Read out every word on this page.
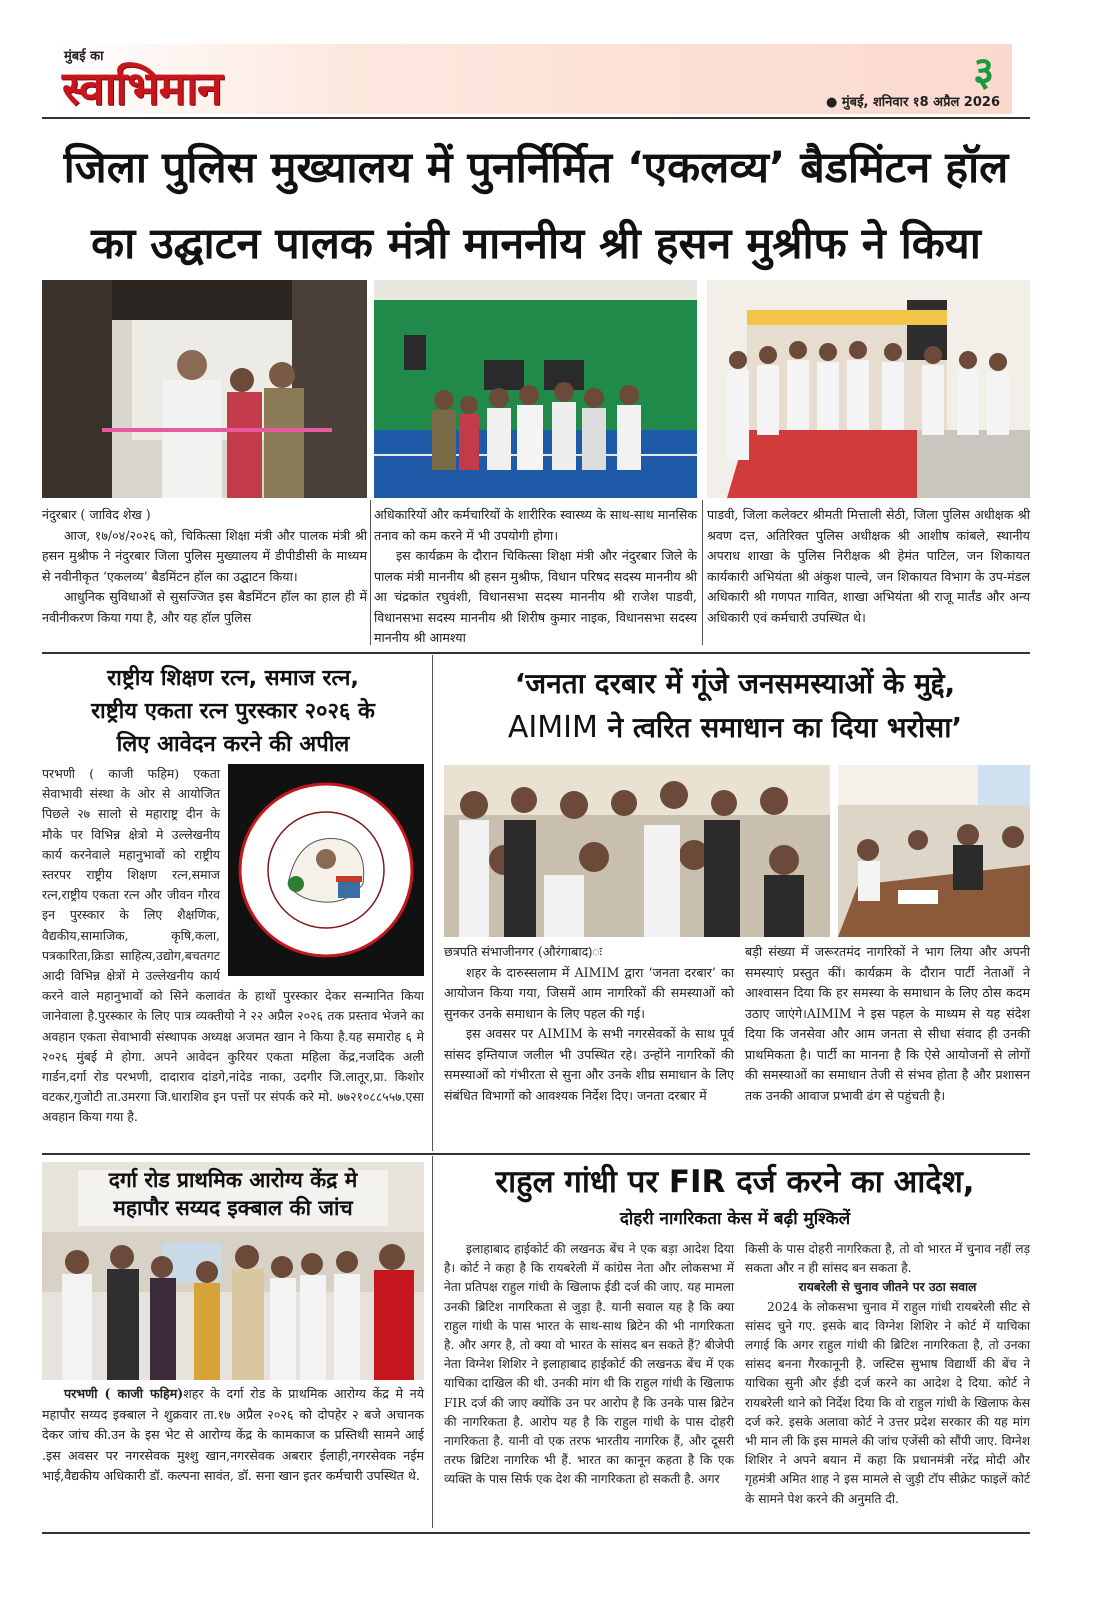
मुंबई का
स्वाभिमान	३
● मुंबई, शनिवार १8 अप्रैल 2026
जिला पुलिस मुख्यालय में पुनर्निर्मित ‘एकलव्य’ बैडमिंटन हॉल
का उद्घाटन पालक मंत्री माननीय श्री हसन मुश्रीफ ने किया

नंदुरबार ( जाविद शेख )

आज, १७/०४/२०२६ को, चिकित्सा शिक्षा मंत्री और पालक मंत्री श्री हसन मुश्रीफ ने नंदुरबार जिला पुलिस मुख्यालय में डीपीडीसी के माध्यम से नवीनीकृत ‘एकलव्य’ बैडमिंटन हॉल का उद्घाटन किया।

आधुनिक सुविधाओं से सुसज्जित इस बैडमिंटन हॉल का हाल ही में नवीनीकरण किया गया है, और यह हॉल पुलिस

अधिकारियों और कर्मचारियों के शारीरिक स्वास्थ्य के साथ-साथ मानसिक तनाव को कम करने में भी उपयोगी होगा।

इस कार्यक्रम के दौरान चिकित्सा शिक्षा मंत्री और नंदुरबार जिले के पालक मंत्री माननीय श्री हसन मुश्रीफ, विधान परिषद सदस्य माननीय श्री आ चंद्रकांत रघुवंशी, विधानसभा सदस्य माननीय श्री राजेश पाडवी, विधानसभा सदस्य माननीय श्री शिरीष कुमार नाइक, विधानसभा सदस्य माननीय श्री आमश्या

पाडवी, जिला कलेक्टर श्रीमती मित्ताली सेठी, जिला पुलिस अधीक्षक श्री श्रवण दत्त, अतिरिक्त पुलिस अधीक्षक श्री आशीष कांबले, स्थानीय अपराध शाखा के पुलिस निरीक्षक श्री हेमंत पाटिल, जन शिकायत कार्यकारी अभियंता श्री अंकुश पाल्वे, जन शिकायत विभाग के उप-मंडल अधिकारी श्री गणपत गावित, शाखा अभियंता श्री राजू मार्तंड और अन्य अधिकारी एवं कर्मचारी उपस्थित थे।

राष्ट्रीय शिक्षण रत्न, समाज रत्न,
राष्ट्रीय एकता रत्न पुरस्कार २०२६ के
लिए आवेदन करने की अपील
परभणी ( काजी फहिम) एकता सेवाभावी संस्था के ओर से आयोजित पिछले २७ सालो से महाराष्ट्र दीन के मौके पर विभिन्न क्षेत्रो मे उल्लेखनीय कार्य करनेवाले महानुभावों को राष्ट्रीय स्तरपर राष्ट्रीय शिक्षण रत्न,समाज रत्न,राष्ट्रीय एकता रत्न और जीवन गौरव इन पुरस्कार के लिए शैक्षणिक, वैद्यकीय,सामाजिक, कृषि,कला, पत्रकारिता,क्रिडा साहित्य,उद्योग,बचतगट आदी विभिन्न क्षेत्रों मे उल्लेखनीय कार्य करने वाले महानुभावों को सिने कलावंत के हाथों पुरस्कार देकर सन्मानित किया जानेवाला है.पुरस्कार के लिए पात्र व्यक्तीयो ने २२ अप्रैल २०२६ तक प्रस्ताव भेजने का अवहान एकता सेवाभावी संस्थापक अध्यक्ष अजमत खान ने किया है.यह समारोह ६ मे २०२६ मुंबई मे होगा. अपने आवेदन कुरियर एकता महिला केंद्र,नजदिक अली गार्डन,दर्गा रोड परभणी, दादाराव दांडगे,नांदेड नाका, उदगीर जि.लातूर,प्रा. किशोर वटकर,गुजोटी ता.उमरगा जि.धाराशिव इन पत्तों पर संपर्क करे मो. ७७२१०८८५५७.एसा अवहान किया गया है.
‘जनता दरबार में गूंजे जनसमस्याओं के मुद्दे,
AIMIM ने त्वरित समाधान का दिया भरोसा’

छत्रपति संभाजीनगर (औरंगाबाद)ः

शहर के दारुस्सलाम में AIMIM द्वारा ‘जनता दरबार’ का आयोजन किया गया, जिसमें आम नागरिकों की समस्याओं को सुनकर उनके समाधान के लिए पहल की गई।

इस अवसर पर AIMIM के सभी नगरसेवकों के साथ पूर्व सांसद इम्तियाज जलील भी उपस्थित रहे। उन्होंने नागरिकों की समस्याओं को गंभीरता से सुना और उनके शीघ्र समाधान के लिए संबंधित विभागों को आवश्यक निर्देश दिए। जनता दरबार में

बड़ी संख्या में जरूरतमंद नागरिकों ने भाग लिया और अपनी समस्याएं प्रस्तुत कीं। कार्यक्रम के दौरान पार्टी नेताओं ने आश्वासन दिया कि हर समस्या के समाधान के लिए ठोस कदम उठाए जाएंगे।AIMIM ने इस पहल के माध्यम से यह संदेश दिया कि जनसेवा और आम जनता से सीधा संवाद ही उनकी प्राथमिकता है। पार्टी का मानना है कि ऐसे आयोजनों से लोगों की समस्याओं का समाधान तेजी से संभव होता है और प्रशासन तक उनकी आवाज प्रभावी ढंग से पहुंचती है।

दर्गा रोड प्राथमिक आरोग्य केंद्र मे
महापौर सय्यद इक्बाल की जांच

परभणी ( काजी फहिम)शहर के दर्गा रोड के प्राथमिक आरोग्य केंद्र मे नये महापौर सय्यद इक्बाल ने शुक्रवार ता.१७ अप्रैल २०२६ को दोपहेर २ बजे अचानक देकर जांच की.उन के इस भेट से आरोग्य केंद्र के कामकाज क प्रस्तिथी सामने आई .इस अवसर पर नगरसेवक मुश्शु खान,नगरसेवक अबरार ईलाही,नगरसेवक नईम भाई,वैद्यकीय अधिकारी डॉ. कल्पना सावंत, डॉ. सना खान इतर कर्मचारी उपस्थित थे.

राहुल गांधी पर FIR दर्ज करने का आदेश,
दोहरी नागरिकता केस में बढ़ी मुश्किलें

इलाहाबाद हाईकोर्ट की लखनऊ बेंच ने एक बड़ा आदेश दिया है। कोर्ट ने कहा है कि रायबरेली में कांग्रेस नेता और लोकसभा में नेता प्रतिपक्ष राहुल गांधी के खिलाफ ईडी दर्ज की जाए. यह मामला उनकी ब्रिटिश नागरिकता से जुड़ा है. यानी सवाल यह है कि क्या राहुल गांधी के पास भारत के साथ-साथ ब्रिटेन की भी नागरिकता है. और अगर है, तो क्या वो भारत के सांसद बन सकते हैं? बीजेपी नेता विग्नेश शिशिर ने इलाहाबाद हाईकोर्ट की लखनऊ बेंच में एक याचिका दाखिल की थी. उनकी मांग थी कि राहुल गांधी के खिलाफ FIR दर्ज की जाए क्योंकि उन पर आरोप है कि उनके पास ब्रिटेन की नागरिकता है. आरोप यह है कि राहुल गांधी के पास दोहरी नागरिकता है. यानी वो एक तरफ भारतीय नागरिक हैं, और दूसरी तरफ ब्रिटिश नागरिक भी हैं. भारत का कानून कहता है कि एक व्यक्ति के पास सिर्फ एक देश की नागरिकता हो सकती है. अगर

किसी के पास दोहरी नागरिकता है, तो वो भारत में चुनाव नहीं लड़ सकता और न ही सांसद बन सकता है.

रायबरेली से चुनाव जीतने पर उठा सवाल

2024 के लोकसभा चुनाव में राहुल गांधी रायबरेली सीट से सांसद चुने गए. इसके बाद विग्नेश शिशिर ने कोर्ट में याचिका लगाई कि अगर राहुल गांधी की ब्रिटिश नागरिकता है, तो उनका सांसद बनना गैरकानूनी है. जस्टिस सुभाष विद्यार्थी की बेंच ने याचिका सुनी और ईडी दर्ज करने का आदेश दे दिया. कोर्ट ने रायबरेली थाने को निर्देश दिया कि वो राहुल गांधी के खिलाफ केस दर्ज करे. इसके अलावा कोर्ट ने उत्तर प्रदेश सरकार की यह मांग भी मान ली कि इस मामले की जांच एजेंसी को सौंपी जाए. विग्नेश शिशिर ने अपने बयान में कहा कि प्रधानमंत्री नरेंद्र मोदी और गृहमंत्री अमित शाह ने इस मामले से जुड़ी टॉप सीक्रेट फाइलें कोर्ट के सामने पेश करने की अनुमति दी.
